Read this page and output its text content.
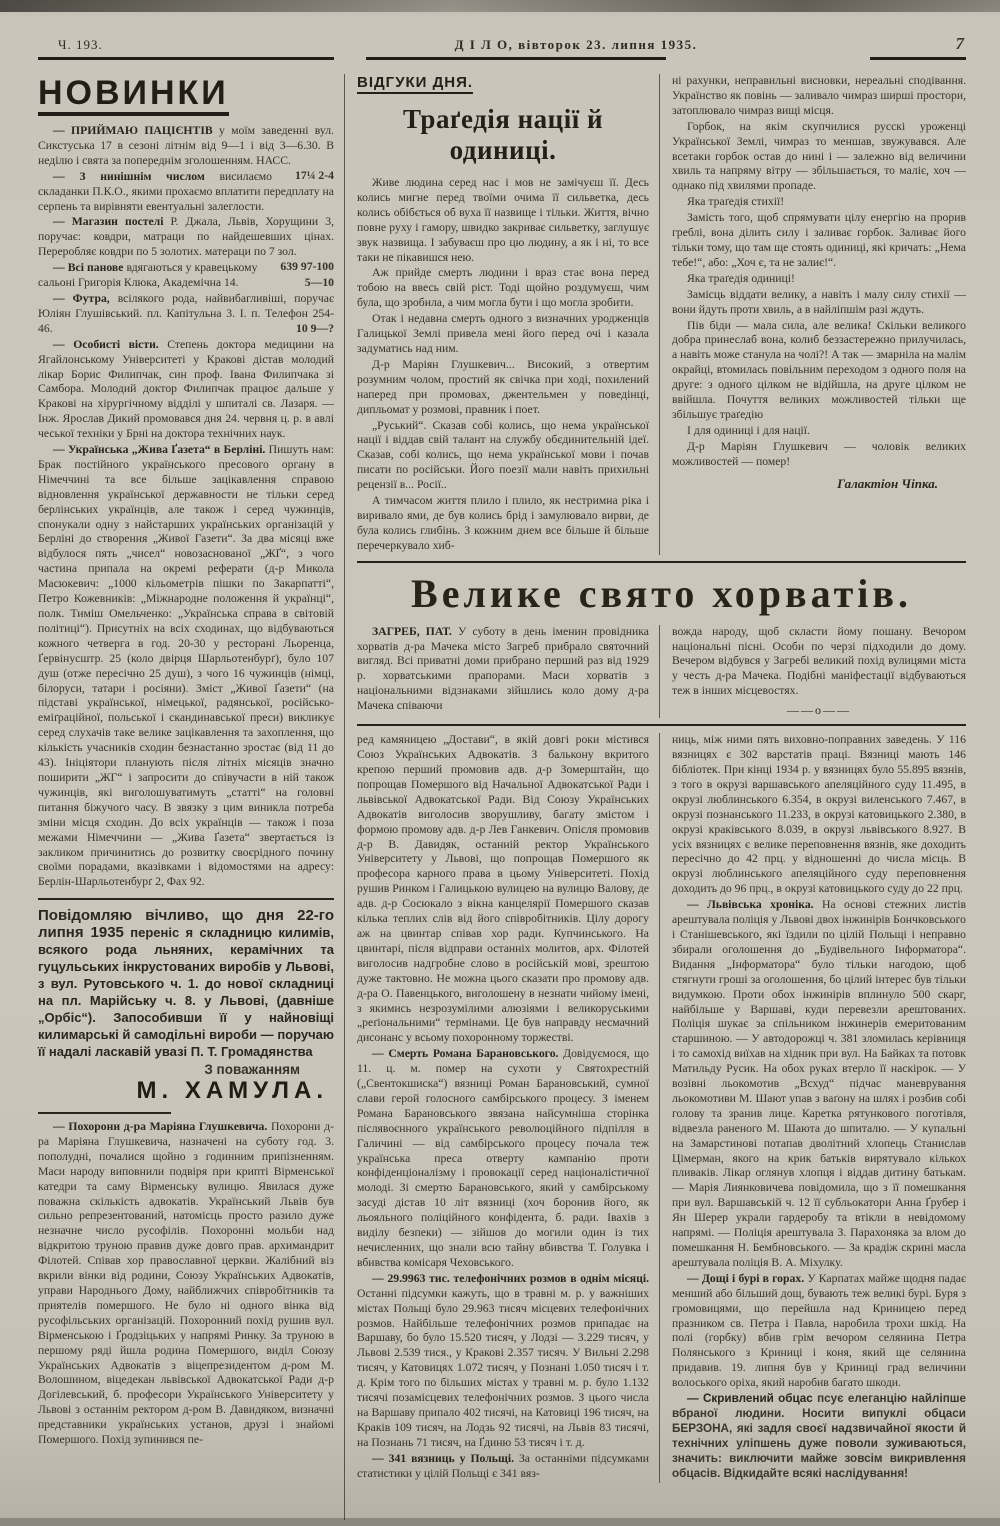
Ч. 193.	Д І Л О, вівторок 23. липня 1935.	7
НОВИНКИ

— ПРИЙМАЮ ПАЦІЄНТІВ у моїм заведенні вул. Сикстуська 17 в сезоні літнім від 9—1 і від 3—6.30. В неділю і свята за попереднім зголошенням. НАСС.
17¼ 2-4

— З нинішнім числом висилаємо складанки П.К.О., якими прохаємо вплатити передплату на серпень та вирівняти евентуальні залеглости.

— Магазин постелі Р. Джала, Львів, Хорущини 3, поручає: ковдри, матраци по найдешевших цінах. Переробляє ковдри по 5 золотих. матераци по 7 зол.
639 97-100

— Всі панове вдягаються у кравецькому сальоні Григорія Клюка, Академічна 14.	5—10

— Футра, всілякого рода, найвибагливіші, поручає Юліян Глушівський. пл. Капітульна 3. І. п. Телефон 254-46.	10 9—?

— Особисті вісти. Степень доктора медицини на Ягайлонському Університеті у Кракові дістав молодий лікар Борис Филипчак, син проф. Івана Филипчака зі Самбора. Молодий доктор Филипчак працює дальше у Кракові на хірургічному відділі у шпиталі св. Лазаря. — Інж. Ярослав Дикий промовався дня 24. червня ц. р. в авлі чеської техніки у Брні на доктора технічних наук.

— Українська „Жива Ґазета“ в Берліні. Пишуть нам: Брак постійного українського пресового органу в Німеччині та все більше зацікавлення справою відновлення української державности не тільки серед берлінських українців, але також і серед чужинців, спонукали одну з найстарших українських організацій у Берліні до створення „Живої Газети“. За два місяці вже відбулося пять „чисел“ новозаснованої „ЖҐ“, з чого частина припала на окремі реферати (д-р Микола Масюкевич: „1000 кільометрів пішки по Закарпатті“, Петро Кожевників: „Міжнародне положення й українці“, полк. Тиміш Омельченко: „Українська справа в світовій політиці“). Присутніх на всіх сходинах, що відбуваються кожного четверга в год. 20-30 у ресторані Льоренца, Ґервінусштр. 25 (коло двірця Шарльотенбурґ), було 107 душ (отже пересічно 25 душ), з чого 16 чужинців (німці, білоруси, татари і росіяни). Зміст „Живої Ґазети“ (на підставі української, німецької, радянської, російсько-еміґраційної, польської і скандинавської преси) викликує серед слухачів таке велике зацікавлення та захоплення, що кількість учасників сходин безнастанно зростає (від 11 до 43). Ініціятори планують після літніх місяців значно поширити „ЖГ“ і запросити до співучасти в ній також чужинців, які виголошуватимуть „статті“ на головні питання біжучого часу. В звязку з цим виникла потреба зміни місця сходин. До всіх українців — також і поза межами Німеччини — „Жива Ґазета“ звертається із закликом причинитись до розвитку своєрідного почину своїми порадами, вказівками і відомостями на адресу: Берлін-Шарльотенбурґ 2, Фах 92.

Повідомляю вічливо, що дня 22-го липня 1935 переніс я складницю килимів, всякого рода льняних, керамічних та гуцульських інкрустованих виробів у Львові, з вул. Рутовського ч. 1. до нової складниці на пл. Марійську ч. 8. у Львові, (давніше „Орбіс“). Запособивши її у найновіщі килимарські й самодільні вироби — поручаю її надалі ласкавій увазі П. Т. Громадянства

З поважанням
М. ХАМУЛА.

— Похорони д-ра Маріяна Глушкевича. Похорони д-ра Маріяна Глушкевича, назначені на суботу год. 3. пополудні, почалися щойно з годинним припізненням. Маси народу виповнили подвіря при крипті Вірменської катедри та саму Вірменську вулицю. Явилася дуже поважна скількість адвокатів. Український Львів був сильно репрезентований, натомісць просто разило дуже незначне число русофілів. Похоронні мольби над відкритою труною правив дуже довго прав. архимандрит Філотей. Співав хор православної церкви. Жалібний віз вкрили вінки від родини, Союзу Українських Адвокатів, управи Народнього Дому, найближчих співробітників та приятелів помершого. Не було ні одного вінка від русофільських організацій. Похоронний похід рушив вул. Вірменською і Ґродзіцьких у напрямі Ринку. За труною в першому ряді йшла родина Помершого, виділ Союзу Українських Адвокатів з віцепрезидентом д-ром М. Волошином, віцедекан львівської Адвокатської Ради д-р Догілевський, б. професори Українського Університету у Львові з останнім ректором д-ром В. Давидяком, визначні представники українських установ, друзі і знайомі Помершого. Похід зупинився пе-

ВІДГУКИ ДНЯ.
Траґедія нації й одиниці.

Живе людина серед нас і мов не замічуєш її. Десь колись мигне перед твоїми очима її сильветка, десь колись обібється об вуха її назвище і тільки. Життя, вічно повне руху і гамору, швидко закриває сильветку, заглушує звук назвища. І забуваєш про цю людину, а як і ні, то все таки не пікавишся нею.

Аж прийде смерть людини і враз стає вона перед тобою на ввесь свій ріст. Тоді щойно роздумуєш, чим була, що зробила, а чим могла бути і що могла зробити.

Отак і недавна смерть одного з визначних уродженців Галицької Землі привела мені його перед очі і казала задуматись над ним.

Д-р Маріян Глушкевич... Високий, з отвертим розумним чолом, простий як свічка при ході, похилений наперед при промовах, джентельмен у поведінці, дипльомат у розмові, правник і поет.

„Руський“. Сказав собі колись, що нема української нації і віддав свій талант на службу обєдинительній ідеї. Сказав, собі колись, що нема української мови і почав писати по російськи. Його поезії мали навіть прихильні рецензії в... Росії..

А тимчасом життя плило і плило, як нестримна ріка і виривало ями, де був колись брід і замулювало вирви, де була колись глибінь. З кожним днем все більше й більше перечеркувало хиб-

ні рахунки, неправильні висновки, нереальні сподівання. Українство як повінь — заливало чимраз ширші простори, затоплювало чимраз вищі місця.

Горбок, на якім скупчилися русскі уроженці Української Землі, чимраз то меншав, звужувався. Але всетаки горбок остав до нині і — залежно від величини хвиль та напряму вітру — збільшається, то маліє, хоч — однако під хвилями пропаде.

Яка траґедія стихії!

Замість того, щоб спрямувати цілу енергію на прорив греблі, вона ділить силу і заливає горбок. Заливає його тільки тому, що там ще стоять одиниці, які кричать: „Нема тебе!“, або: „Хоч є, та не залиє!“.

Яка траґедія одиниці!

Замісць віддати велику, а навіть і малу силу стихії — вони йдуть проти хвиль, а в найліпшім разі ждуть.

Пів біди — мала сила, але велика! Скільки великого добра принеслаб вона, колиб беззастережно прилучилась, а навіть може станула на чолі?! А так — змарніла на малім окрайці, втомилась повільним переходом з одного поля на друге: з одного цілком не відійшла, на друге цілком не ввійшла. Почуття великих можливостей тільки ще збільшує траґедію

І для одиниці і для нації.

Д-р Маріян Глушкевич — чоловік великих можливостей — помер!

Галактіон Чіпка.
Велике свято хорватів.

ЗАГРЕБ, ПАТ. У суботу в день іменин провідника хорватів д-ра Мачека місто Загреб прибрало святочний вигляд. Всі приватні доми прибрано перший раз від 1929 р. хорватськими прапорами. Маси хорватів з національними відзнаками зійшлись коло дому д-ра Мачека співаючи

вожда народу, щоб скласти йому пошану. Вечором національні пісні. Особи по черзі підходили до дому. Вечером відбувся у Загребі великий похід вулицями міста у честь д-ра Мачека. Подібні маніфестації відбуваються теж в інших місцевостях.

——о——

ред камяницею „Достави“, в якій довгі роки містився Союз Українських Адвокатів. З балькону вкритого крепою перший промовив адв. д-р Зомерштайн, що попрощав Помершого від Начальної Адвокатської Ради і львівської Адвокатської Ради. Від Союзу Українських Адвокатів виголосив зворушливу, багату змістом і формою промову адв. д-р Лев Ганкевич. Опісля промовив д-р В. Давидяк, останній ректор Українського Університету у Львові, що попрощав Помершого як професора карного права в цьому Університеті. Похід рушив Ринком і Галицькою вулицею на вулицю Валову, де адв. д-р Сосюкало з вікна канцелярії Помершого сказав кілька теплих слів від його співробітників. Цілу дорогу аж на цвинтар співав хор ради. Купчинського. На цвинтарі, після відправи останніх молитов, арх. Філотей виголосив надгробне слово в російській мові, зрештою дуже тактовно. Не можна цього сказати про промову адв. д-ра О. Павенцького, виголошену в незнати чийому імені, з якимись незрозумілими алюзіями і великоруськими „реґіональними“ термінами. Це був направду несмачний дисонанс у всьому похоронному торжестві.

— Смерть Романа Барановського. Довідуємося, що 11. ц. м. помер на сухоти у Святохрестній („Свентокшиска“) вязниці Роман Барановський, сумної слави герой голосного самбірського процесу. З іменем Романа Барановського звязана найсумніша сторінка післявоєнного українського революційного підпілля в Галичині — від самбірського процесу почала теж українська преса отверту кампанію проти конфіденціоналізму і провокації серед націоналістичної молоді. Зі смертю Барановського, який у самбірському засуді дістав 10 літ вязниці (хоч боронив його, як льояльного поліційного конфідента, б. ради. Івахів з виділу безпеки) — зійшов до могили один із тих нечисленних, що знали всю тайну вбивства Т. Голувка і вбивства комісаря Чеховського.

— 29.9963 тис. телефонічних розмов в однім місяці. Останні підсумки кажуть, що в травні м. р. у важніших містах Польщі було 29.963 тисяч місцевих телефонічних розмов. Найбільше телефонічних розмов припадає на Варшаву, бо було 15.520 тисяч, у Лодзі — 3.229 тисяч, у Львові 2.539 тися., у Кракові 2.357 тисяч. У Вильні 2.298 тисяч, у Катовицях 1.072 тисяч, у Познані 1.050 тисяч і т. д. Крім того по більших містах у травні м. р. було 1.132 тисячі позамісцевих телефонічних розмов. З цього числа на Варшаву припало 402 тисячі, на Катовиці 196 тисяч, на Краків 109 тисяч, на Лодзь 92 тисячі, на Львів 83 тисячі, на Познань 71 тисяч, на Ґдиню 53 тисяч і т. д.

— 341 вязниць у Польщі. За останніми підсумками статистики у цілій Польщі є 341 вяз-

ниць, між ними пять виховно-поправних заведень. У 116 вязницях є 302 варстатів праці. Вязниці мають 146 бібліотек. При кінці 1934 р. у вязницях було 55.895 вязнів, з того в окрузі варшавського апеляційного суду 11.495, в окрузі люблинського 6.354, в окрузі виленського 7.467, в окрузі познанського 11.233, в окрузі катовицького 2.380, в окрузі краківського 8.039, в окрузі львівського 8.927. В усіх вязницях є велике переповнення вязнів, яке доходить пересічно до 42 прц. у відношенні до числа місць. В окрузі люблинського апеляційного суду переповнення доходить до 96 прц., в окрузі катовицького суду до 22 прц.

— Львівська хроніка. На основі стежних листів арештувала поліція у Львові двох інжинірів Бончковського і Станішевського, які їздили по цілій Польщі і неправно збирали оголошення до „Будівельного Інформатора“. Видання „Інформатора“ було тільки нагодою, щоб стягнути гроші за оголошення, бо цілий інтерес був тільки видумкою. Проти обох інжинірів вплинуло 500 скарг, найбільше у Варшаві, куди перевезли арештованих. Поліція шукає за спільником інжинерів емеритованим старшиною. — У автодорожці ч. 381 зломилась керівниця і то самохід виїхав на хідник при вул. На Байках та потовк Матильду Русик. На обох руках втерло її наскірок. — У возівні льокомотив „Всхуд“ підчас маневрування льокомотиви М. Шают упав з ваґону на шлях і розбив собі голову та зранив лице. Каретка рятункового поготівля, відвезла раненого М. Шаюта до шпиталю. — У купальні на Замарстинові потапав дволітний хлопець Станислав Цімерман, якого на крик батьків вирятувало кількох пливаків. Лікар оглянув хлопця і віддав дитину батькам. — Марія Лиянковичева повідомила, що з її помешкання при вул. Варшавській ч. 12 її субльокатори Анна Ґрубер і Ян Шерер украли гардеробу та втікли в невідомому напрямі. — Поліція арештувала З. Парахоняка за влом до помешкання Н. Бембновського. — За крадіж скрині масла арештувала поліція В. А. Міхулку.

— Дощі і бурі в горах. У Карпатах майже щодня падає менший або більший дощ, бувають теж великі бурі. Буря з громовицями, що перейшла над Криницею перед празником св. Петра і Павла, наробила трохи шкід. На полі (горбку) вбив грім вечором селянина Петра Полянського з Криниці і коня, який ще селянина придавив. 19. липня був у Криниці град величини волоського оріха, який наробив багато шкоди.

— Скривлений обцас псує елеганцію найліпше вбраної людини. Носити випуклі обцаси БЕРЗОНА, які задля своєї надзвичайної якости й технічних уліпшень дуже поволи зуживаються, значить: виключити майже зовсім викривлення обцасів. Відкидайте всякі наслідування!
